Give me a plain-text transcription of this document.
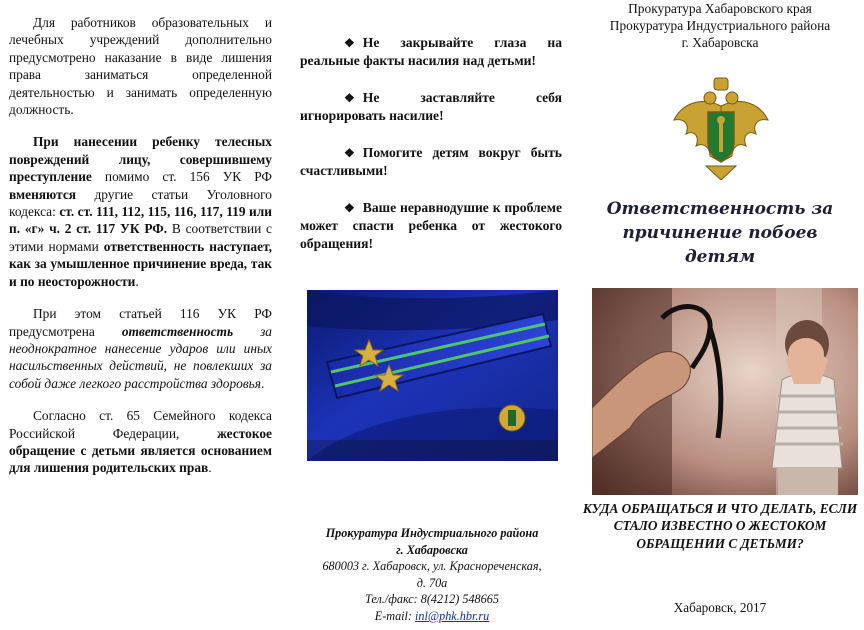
Для работников образовательных и лечебных учреждений дополнительно предусмотрено наказание в виде лишения права заниматься определенной деятельностью и занимать определенную должность.

При нанесении ребенку телесных повреждений лицу, совершившему преступление помимо ст. 156 УК РФ вменяются другие статьи Уголовного кодекса: ст. ст. 111, 112, 115, 116, 117, 119 или п. «г» ч. 2 ст. 117 УК РФ. В соответствии с этими нормами ответственность наступает, как за умышленное причинение вреда, так и по неосторожности.

При этом статьей 116 УК РФ предусмотрена ответственность за неоднократное нанесение ударов или иных насильственных действий, не повлекших за собой даже легкого расстройства здоровья.

Согласно ст. 65 Семейного кодекса Российской Федерации, жестокое обращение с детьми является основанием для лишения родительских прав.

❖ Не закрывайте глаза на реальные факты насилия над детьми!

❖ Не заставляйте себя игнорировать насилие!

❖ Помогите детям вокруг быть счастливыми!

❖ Ваше неравнодушие к проблеме может спасти ребенка от жестокого обращения!

Прокуратура Индустриального района
г. Хабаровска
680003 г. Хабаровск, ул. Краснореченская,
д. 70а
Тел./факс: 8(4212) 548665
E-mail: inl@phk.hbr.ru
Прокуратура Хабаровского края
Прокуратура Индустриального района
г. Хабаровска
Ответственность за
причинение побоев детям
КУДА ОБРАЩАТЬСЯ И ЧТО ДЕЛАТЬ, ЕСЛИ СТАЛО ИЗВЕСТНО О ЖЕСТОКОМ ОБРАЩЕНИИ С ДЕТЬМИ?
Хабаровск, 2017
